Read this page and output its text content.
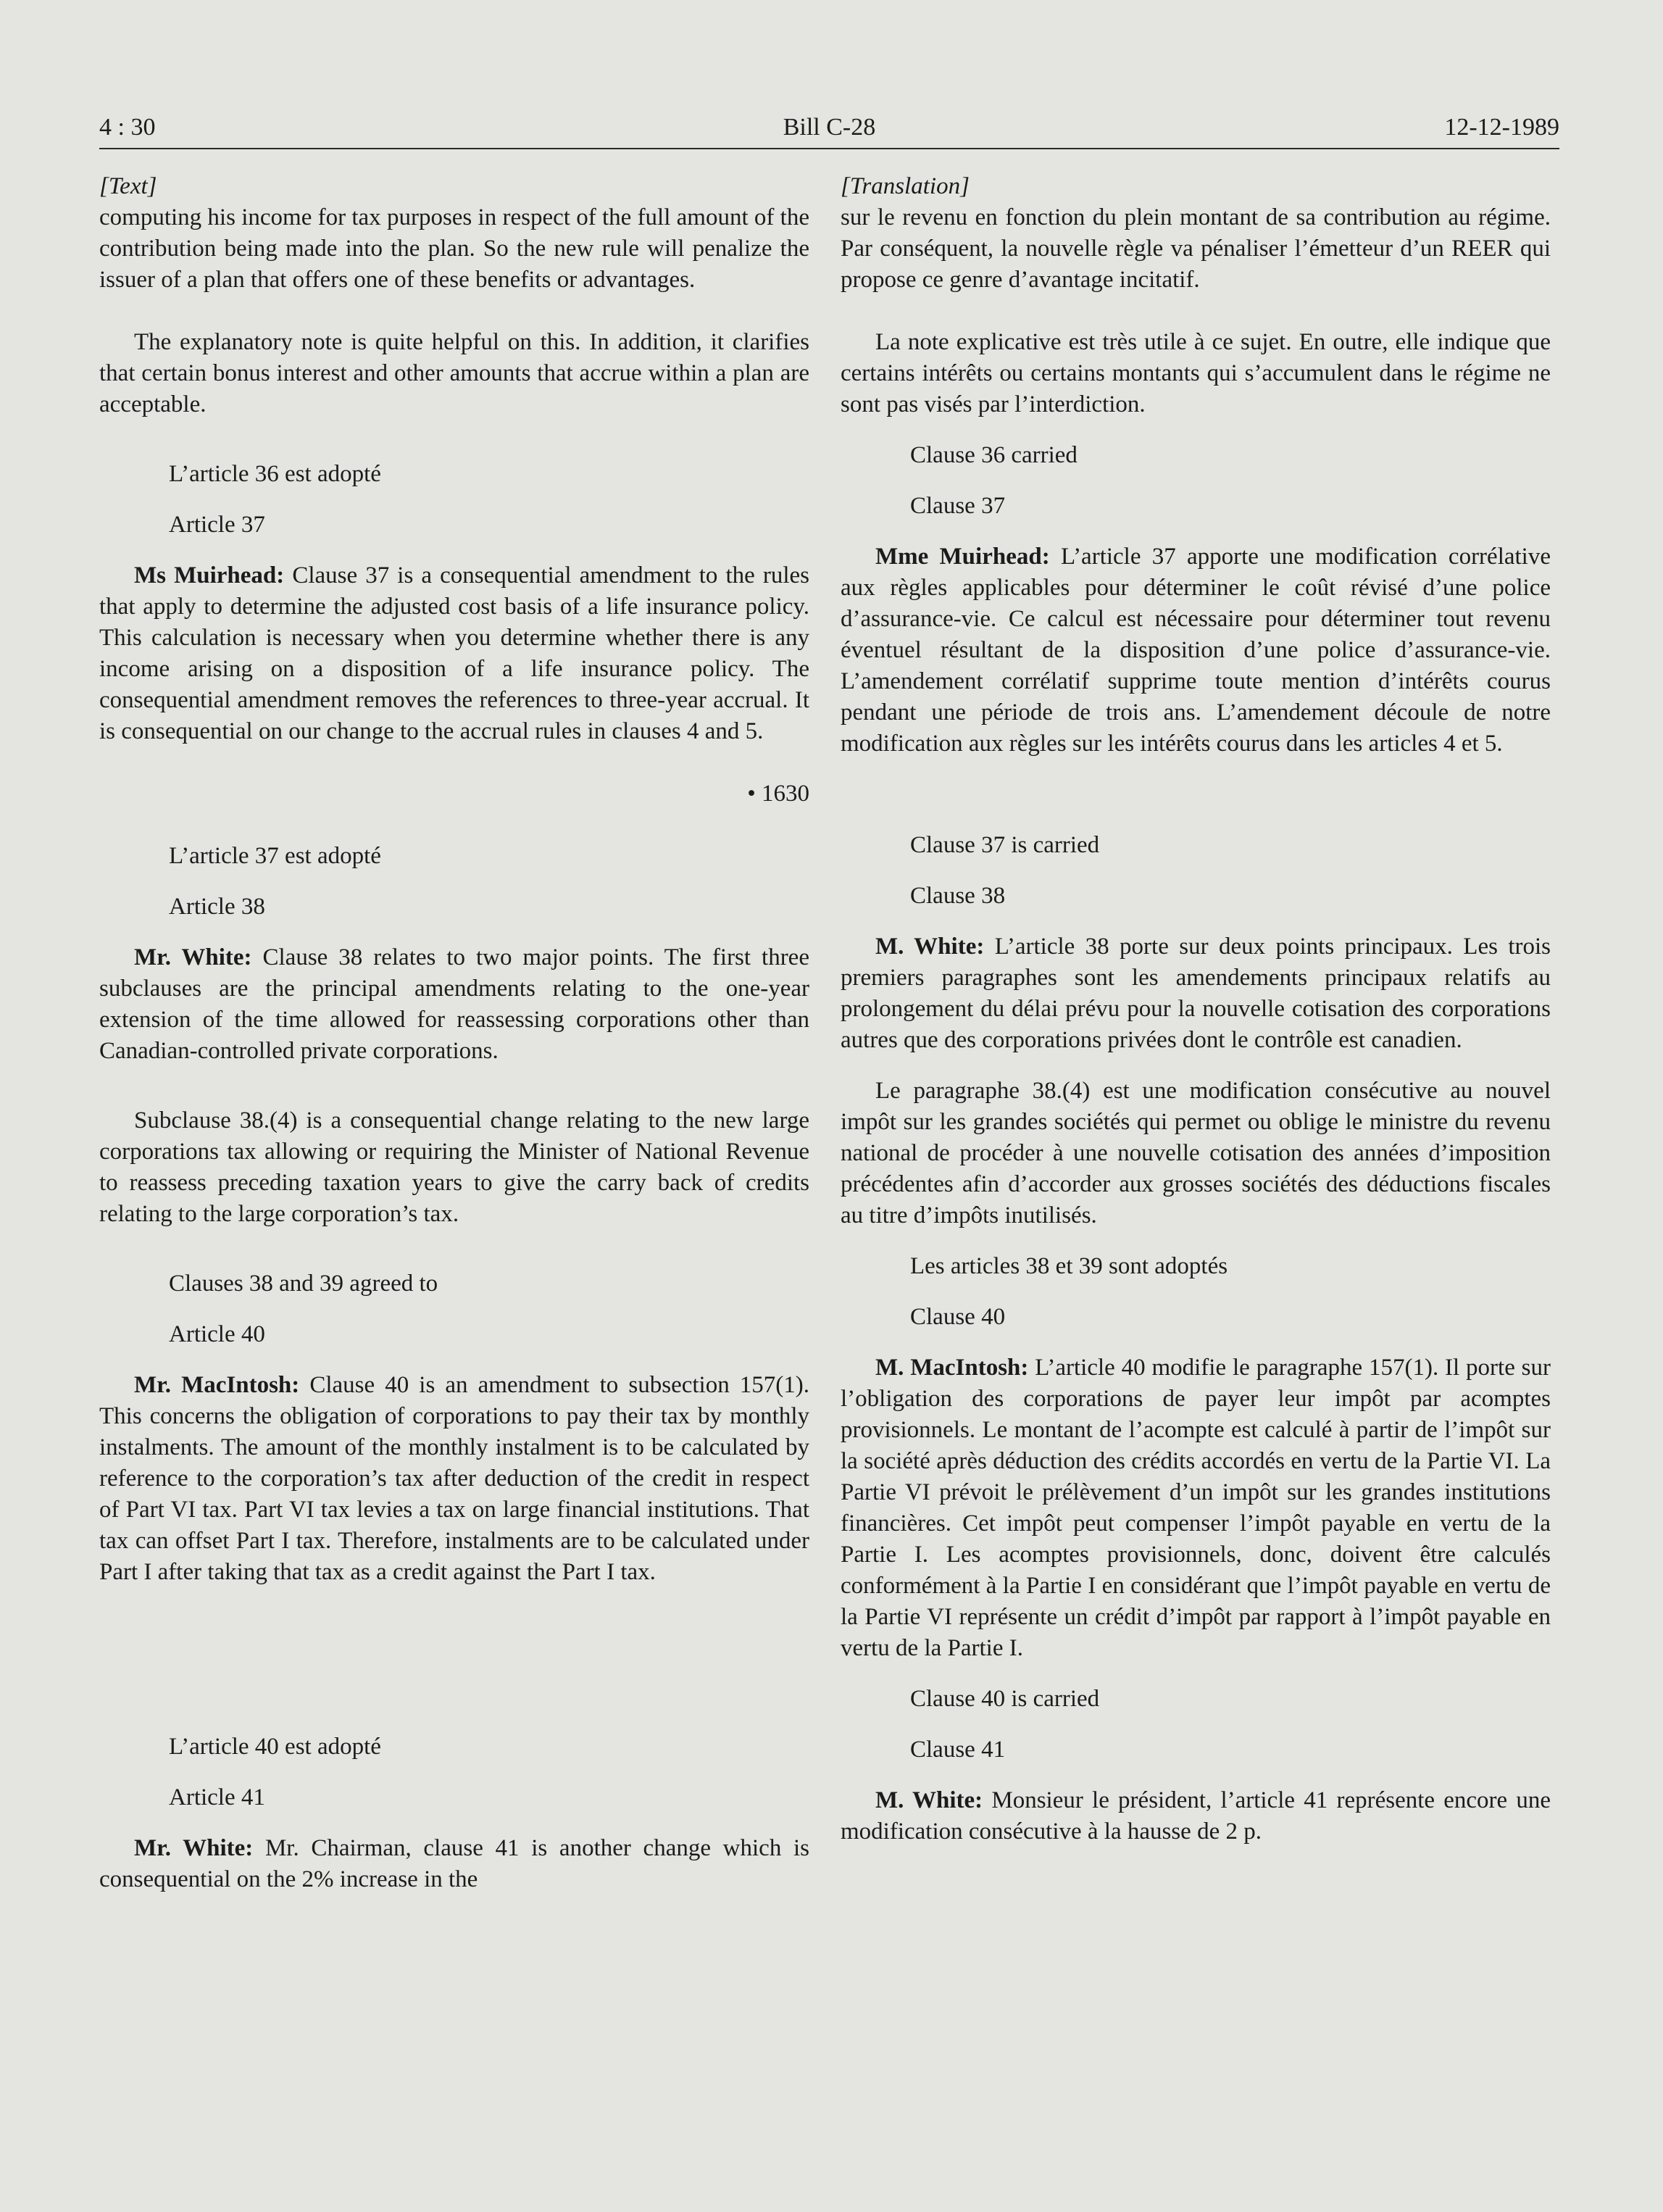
4 : 30	Bill C-28	12-12-1989

[Text]

computing his income for tax purposes in respect of the full amount of the contribution being made into the plan. So the new rule will penalize the issuer of a plan that offers one of these benefits or advantages.

The explanatory note is quite helpful on this. In addition, it clarifies that certain bonus interest and other amounts that accrue within a plan are acceptable.

L’article 36 est adopté

Article 37

Ms Muirhead: Clause 37 is a consequential amendment to the rules that apply to determine the adjusted cost basis of a life insurance policy. This calculation is necessary when you determine whether there is any income arising on a disposition of a life insurance policy. The consequential amendment removes the references to three-year accrual. It is consequential on our change to the accrual rules in clauses 4 and 5.

• 1630

L’article 37 est adopté

Article 38

Mr. White: Clause 38 relates to two major points. The first three subclauses are the principal amendments relating to the one-year extension of the time allowed for reassessing corporations other than Canadian-controlled private corporations.

Subclause 38.(4) is a consequential change relating to the new large corporations tax allowing or requiring the Minister of National Revenue to reassess preceding taxation years to give the carry back of credits relating to the large corporation’s tax.

Clauses 38 and 39 agreed to

Article 40

Mr. MacIntosh: Clause 40 is an amendment to subsection 157(1). This concerns the obligation of corporations to pay their tax by monthly instalments. The amount of the monthly instalment is to be calculated by reference to the corporation’s tax after deduction of the credit in respect of Part VI tax. Part VI tax levies a tax on large financial institutions. That tax can offset Part I tax. Therefore, instalments are to be calculated under Part I after taking that tax as a credit against the Part I tax.

L’article 40 est adopté

Article 41

Mr. White: Mr. Chairman, clause 41 is another change which is consequential on the 2% increase in the

[Translation]

sur le revenu en fonction du plein montant de sa contribution au régime. Par conséquent, la nouvelle règle va pénaliser l’émetteur d’un REER qui propose ce genre d’avantage incitatif.

La note explicative est très utile à ce sujet. En outre, elle indique que certains intérêts ou certains montants qui s’accumulent dans le régime ne sont pas visés par l’interdiction.

Clause 36 carried

Clause 37

Mme Muirhead: L’article 37 apporte une modification corrélative aux règles applicables pour déterminer le coût révisé d’une police d’assurance-vie. Ce calcul est nécessaire pour déterminer tout revenu éventuel résultant de la disposition d’une police d’assurance-vie. L’amendement corrélatif supprime toute mention d’intérêts courus pendant une période de trois ans. L’amendement découle de notre modification aux règles sur les intérêts courus dans les articles 4 et 5.

Clause 37 is carried

Clause 38

M. White: L’article 38 porte sur deux points principaux. Les trois premiers paragraphes sont les amendements principaux relatifs au prolongement du délai prévu pour la nouvelle cotisation des corporations autres que des corporations privées dont le contrôle est canadien.

Le paragraphe 38.(4) est une modification consécutive au nouvel impôt sur les grandes sociétés qui permet ou oblige le ministre du revenu national de procéder à une nouvelle cotisation des années d’imposition précédentes afin d’accorder aux grosses sociétés des déductions fiscales au titre d’impôts inutilisés.

Les articles 38 et 39 sont adoptés

Clause 40

M. MacIntosh: L’article 40 modifie le paragraphe 157(1). Il porte sur l’obligation des corporations de payer leur impôt par acomptes provisionnels. Le montant de l’acompte est calculé à partir de l’impôt sur la société après déduction des crédits accordés en vertu de la Partie VI. La Partie VI prévoit le prélèvement d’un impôt sur les grandes institutions financières. Cet impôt peut compenser l’impôt payable en vertu de la Partie I. Les acomptes provisionnels, donc, doivent être calculés conformément à la Partie I en considérant que l’impôt payable en vertu de la Partie VI représente un crédit d’impôt par rapport à l’impôt payable en vertu de la Partie I.

Clause 40 is carried

Clause 41

M. White: Monsieur le président, l’article 41 représente encore une modification consécutive à la hausse de 2 p.
